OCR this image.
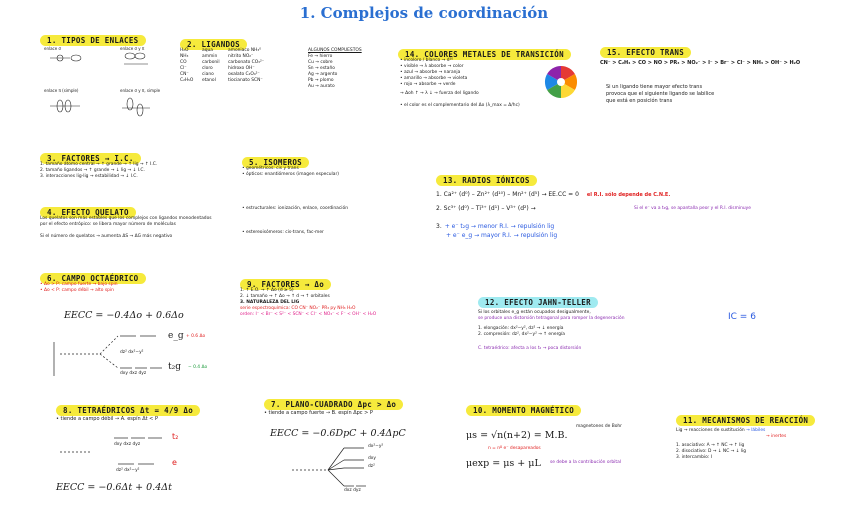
1. Complejos de coordinación
1. TIPOS DE ENLACES
enlace σ	enlace σ y π
enlace π (simple)	enlace σ y π, simple
2. LIGANDOS
H₂O	aqua	amoniaco NH₃⁰
NH₃	ammin nitrito NO₂⁻
CO	carbonil carbonato CO₃²⁻
Cl⁻	cloro	hidroxo OH⁻
CN⁻	ciano	oxalato C₂O₄²⁻
C₂H₅O etanol	tiocianato SCN⁻
ALGUNOS COMPUESTOS
Fe → hierro
Cu → cobre
Sn → estaño
Ag → argento
Pb → plomo
Au → aurato
14. COLORES METALES DE TRANSICIÓN
• incoloro / blanco → d¹⁰
• visible → λ absorbe → color
• azul → absorbe → naranja
• amarillo → absorbe → violeta
• rojo → absorbe → verde
→ Δoh ↑ → λ ↓ → fuerza del ligando
• el color es el complementario del Δo (λ_max = Δ/hc)
15. EFECTO TRANS
CN⁻ > C₂H₄ > CO > NO > PR₃ > NO₂⁻ > I⁻ > Br⁻ > Cl⁻ > NH₃ > OH⁻ > H₂O
Si un ligando tiene mayor efecto trans
provoca que el siguiente ligando se labilice
que está en posición trans
3. FACTORES → I.C.
1. tamaño átomo central → ↑ grande → ↑ lig → ↑ I.C.
2. tamaño ligandos → ↑ grande → ↓ lig → ↓ I.C.
3. interacciones lig-lig → estabilidad → ↓ I.C.
5. ISOMEROS
• geométricos: cis y trans
• ópticos: enantiómeros (imagen especular)
• estructurales: ionización, enlace, coordinación
• estereoisómeros: cis-trans, fac-mer
4. EFECTO QUELATO
Los quelatos son más estables que los complejos con ligandos monodentados
por el efecto entrópico: se libera mayor número de moléculas
Si el número de quelatos → aumenta ΔS → ΔG más negativo
13. RADIOS IÓNICOS
1. Ca²⁺ (d⁰) – Zn²⁺ (d¹⁰) – Mn²⁺ (d⁵) → EE.CC = 0 el R.I. sólo depende de C.N.E.
2. Sc³⁺ (d⁰) – Ti³⁺ (d¹) – V³⁺ (d²) →	Si el e⁻ va a t₂g, se apantalla peor y el R.I. disminuye
3. + e⁻ t₂g → menor R.I. → repulsión lig
+ e⁻ e_g → mayor R.I. → repulsión lig
6. CAMPO OCTAÉDRICO
• Δo > P: campo fuerte → bajo spin
• Δo < P: campo débil → alto spin
EECC = −0.4Δo + 0.6Δo
dz² dx²−y²
dxy dxz dyz
e_g + 0.6 Δo
t₂g − 0.4 Δo
9. FACTORES → Δo
1. ↑ E.O. → ↑ Δo (d ≥ 5)
2. ↓ tamaño → ↑ Δo → ↑ d → ↑ orbitales
3. NATURALEZA DEL LIG
serie espectroquímica: CO CN⁻ NO₂⁻ PR₃ py NH₃ H₂O
orden: I⁻ < Br⁻ < S²⁻ < SCN⁻ < Cl⁻ < NO₃⁻ < F⁻ < OH⁻ < H₂O
12. EFECTO JAHN-TELLER
IC = 6
Si los orbitales e_g están ocupados desigualmente,
se produce una distorsión tetragonal para romper la degeneración
1. elongación: dx²−y², dz² → ↓ energía
2. compresión: dz², dx²−y² → ↑ energía
C. tetraédrico: afecta a los t₂ → poca distorsión
8. TETRAÉDRICOS Δt = 4/9 Δo
• tiende a campo débil → A. espín Δt < P
dxy dxz dyz
dz² dx²−y²
t₂
e
EECC = −0.6Δt + 0.4Δt
7. PLANO-CUADRADO Δpc > Δo
• tiende a campo fuerte → B. espín Δpc > P
EECC = −0.6DpC + 0.4ΔpC
dx²−y²
dxy
dz²
dxz dyz
10. MOMENTO MAGNÉTICO
μs = √n(n+2) = M.B.
magnetones de Bohr
n = nº e⁻ desapareados
μexp = μs + μL se debe a la contribución orbital
11. MECANISMOS DE REACCIÓN
Lig → reacciones de sustitución → lábiles
→ inertes
1. asociativo: A → ↑ NC → ↑ lig
2. disociativo: D → ↓ NC → ↓ lig
3. intercambio: I
